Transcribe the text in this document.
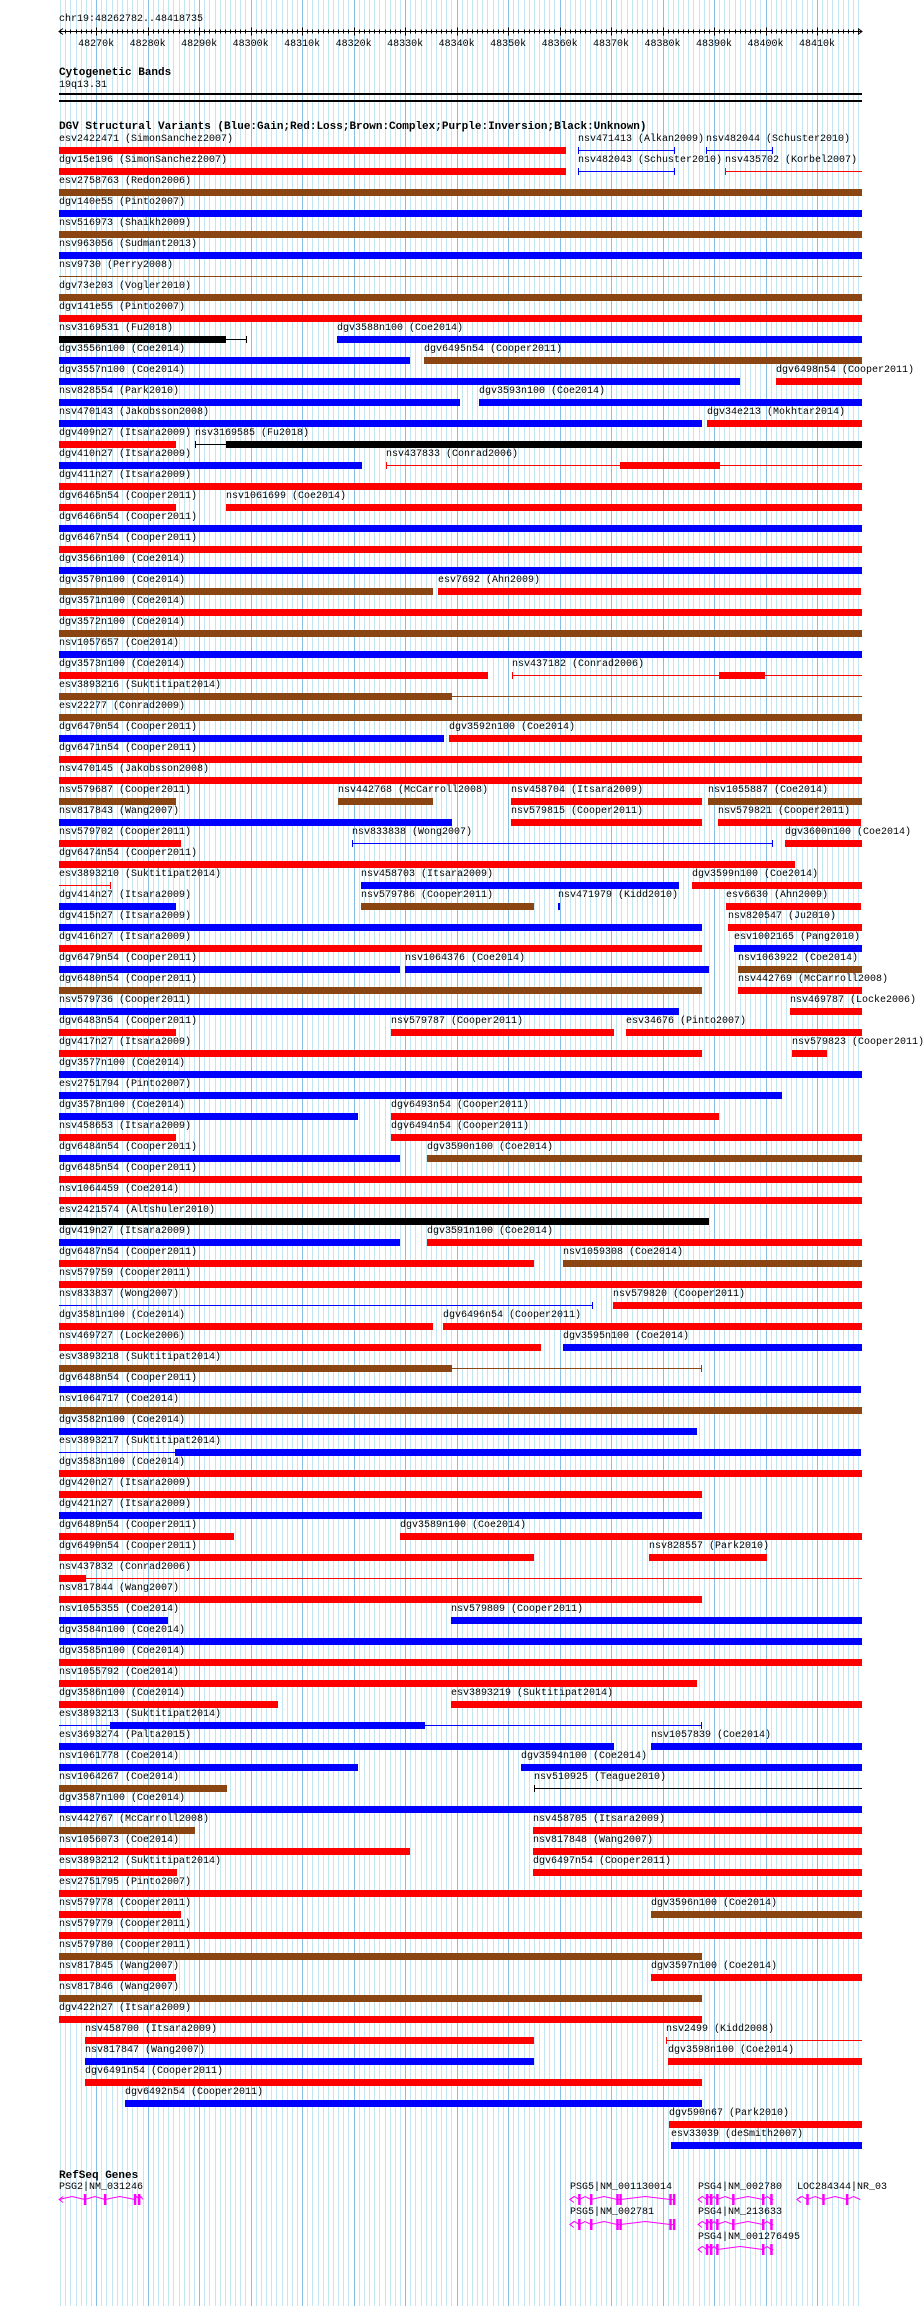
chr19:48262782..48418735
48270k 48280k 48290k 48300k 48310k 48320k 48330k 48340k 48350k 48360k 48370k 48380k 48390k 48400k 48410k
Cytogenetic Bands
19q13.31
DGV Structural Variants (Blue:Gain;Red:Loss;Brown:Complex;Purple:Inversion;Black:Unknown)
esv2422471 (SimonSanchez2007)	nsv471413 (Alkan2009) nsv482044 (Schuster2010)
dgv15e196 (SimonSanchez2007)	nsv482043 (Schuster2010) nsv435702 (Korbel2007)
esv2758763 (Redon2006)
dgv140e55 (Pinto2007)
nsv516973 (Shaikh2009)
nsv963056 (Sudmant2013)
nsv9730 (Perry2008)
dgv73e203 (Vogler2010)
dgv141e55 (Pinto2007)
nsv3169531 (Fu2018)	dgv3588n100 (Coe2014)
dgv3556n100 (Coe2014)	dgv6495n54 (Cooper2011)
dgv3557n100 (Coe2014)	dgv6498n54 (Cooper2011)
nsv828554 (Park2010)	dgv3593n100 (Coe2014)
nsv470143 (Jakobsson2008)	dgv34e213 (Mokhtar2014)
dgv409n27 (Itsara2009) nsv3169585 (Fu2018)
dgv410n27 (Itsara2009)	nsv437833 (Conrad2006)
dgv411n27 (Itsara2009)
dgv6465n54 (Cooper2011)	nsv1061699 (Coe2014)
dgv6466n54 (Cooper2011)
dgv6467n54 (Cooper2011)
dgv3566n100 (Coe2014)
dgv3570n100 (Coe2014)	esv7692 (Ahn2009)
dgv3571n100 (Coe2014)
dgv3572n100 (Coe2014)
nsv1057657 (Coe2014)
dgv3573n100 (Coe2014)	nsv437182 (Conrad2006)
esv3893216 (Suktitipat2014)
esv22277 (Conrad2009)
dgv6470n54 (Cooper2011)	dgv3592n100 (Coe2014)
dgv6471n54 (Cooper2011)
nsv470145 (Jakobsson2008)
nsv579687 (Cooper2011)	nsv442768 (McCarroll2008) nsv458704 (Itsara2009)	nsv1055887 (Coe2014)
nsv817843 (Wang2007)	nsv579815 (Cooper2011)	nsv579821 (Cooper2011)
nsv579702 (Cooper2011)	nsv833838 (Wong2007)	dgv3600n100 (Coe2014)
dgv6474n54 (Cooper2011)
esv3893210 (Suktitipat2014)	nsv458703 (Itsara2009)	dgv3599n100 (Coe2014)
dgv414n27 (Itsara2009)	nsv579786 (Cooper2011)	nsv471979 (Kidd2010)	esv6630 (Ahn2009)
dgv415n27 (Itsara2009)	nsv820547 (Ju2010)
dgv416n27 (Itsara2009)	esv1002165 (Pang2010)
dgv6479n54 (Cooper2011)	nsv1064376 (Coe2014)	nsv1063922 (Coe2014)
dgv6480n54 (Cooper2011)	nsv442769 (McCarroll2008)
nsv579736 (Cooper2011)	nsv469787 (Locke2006)
dgv6483n54 (Cooper2011)	nsv579787 (Cooper2011)	esv34676 (Pinto2007)
dgv417n27 (Itsara2009)	nsv579823 (Cooper2011)
dgv3577n100 (Coe2014)
esv2751794 (Pinto2007)
dgv3578n100 (Coe2014)	dgv6493n54 (Cooper2011)
nsv458653 (Itsara2009)	dgv6494n54 (Cooper2011)
dgv6484n54 (Cooper2011)	dgv3590n100 (Coe2014)
dgv6485n54 (Cooper2011)
nsv1064459 (Coe2014)
esv2421574 (Altshuler2010)
dgv419n27 (Itsara2009)	dgv3591n100 (Coe2014)
dgv6487n54 (Cooper2011)	nsv1059308 (Coe2014)
nsv579759 (Cooper2011)
nsv833837 (Wong2007)	nsv579820 (Cooper2011)
dgv3581n100 (Coe2014)	dgv6496n54 (Cooper2011)
nsv469727 (Locke2006)	dgv3595n100 (Coe2014)
esv3893218 (Suktitipat2014)
dgv6488n54 (Cooper2011)
nsv1064717 (Coe2014)
dgv3582n100 (Coe2014)
esv3893217 (Suktitipat2014)
dgv3583n100 (Coe2014)
dgv420n27 (Itsara2009)
dgv421n27 (Itsara2009)
dgv6489n54 (Cooper2011)	dgv3589n100 (Coe2014)
dgv6490n54 (Cooper2011)	nsv828557 (Park2010)
nsv437832 (Conrad2006)
nsv817844 (Wang2007)
nsv1055355 (Coe2014)	nsv579809 (Cooper2011)
dgv3584n100 (Coe2014)
dgv3585n100 (Coe2014)
nsv1055792 (Coe2014)
dgv3586n100 (Coe2014)	esv3893219 (Suktitipat2014)
esv3893213 (Suktitipat2014)
esv3693274 (Palta2015)	nsv1057839 (Coe2014)
nsv1061778 (Coe2014)	dgv3594n100 (Coe2014)
nsv1064267 (Coe2014)	nsv510925 (Teague2010)
dgv3587n100 (Coe2014)
nsv442767 (McCarroll2008)	nsv458705 (Itsara2009)
nsv1056073 (Coe2014)	nsv817848 (Wang2007)
esv3893212 (Suktitipat2014)	dgv6497n54 (Cooper2011)
esv2751795 (Pinto2007)
nsv579778 (Cooper2011)	dgv3596n100 (Coe2014)
nsv579779 (Cooper2011)
nsv579780 (Cooper2011)
nsv817845 (Wang2007)	dgv3597n100 (Coe2014)
nsv817846 (Wang2007)
dgv422n27 (Itsara2009)
nsv458700 (Itsara2009)	nsv2499 (Kidd2008)
nsv817847 (Wang2007)	dgv3598n100 (Coe2014)
dgv6491n54 (Cooper2011)
dgv6492n54 (Cooper2011)
dgv590n67 (Park2010)
esv33039 (deSmith2007)
RefSeq Genes
PSG2|NM_031246	PSG5|NM_001130014	PSG4|NM_002780 LOC284344|NR_03
PSG5|NM_002781	PSG4|NM_213633
PSG4|NM_001276495
